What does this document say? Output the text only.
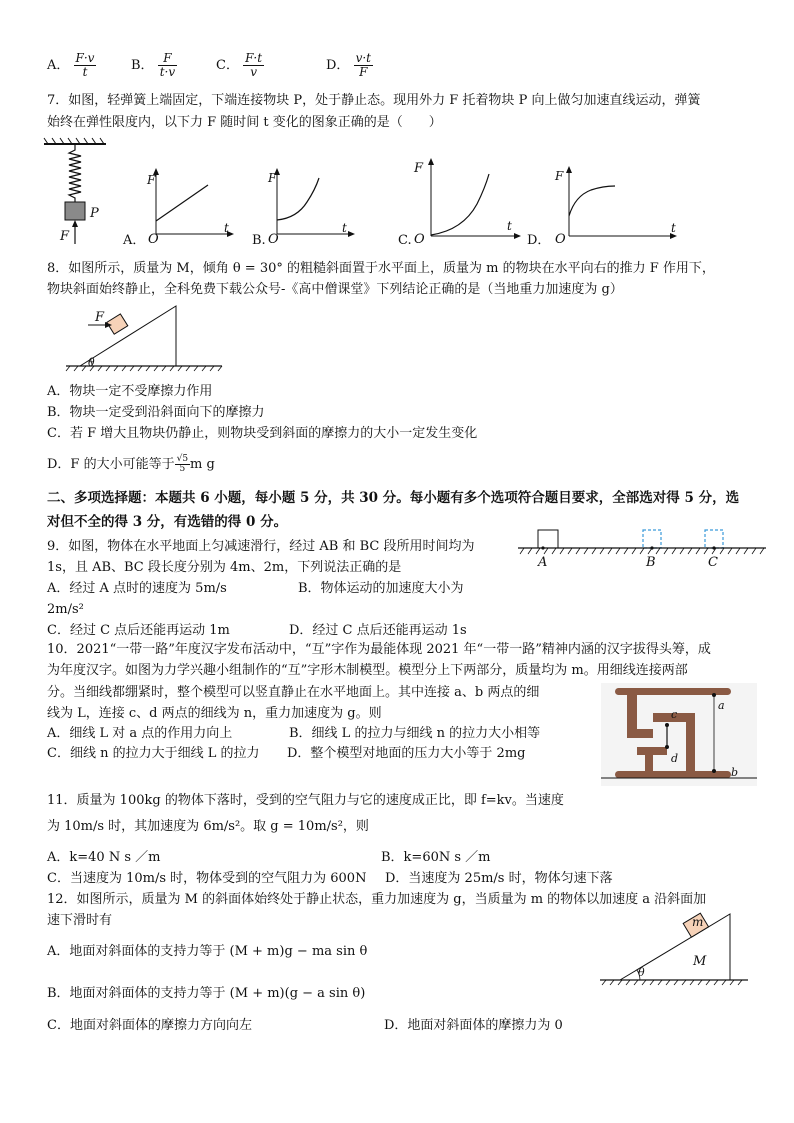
A． $\frac{F\cdot v}{t}$	B． $\frac{F}{t\cdot v}$	C． $\frac{F\cdot t}{v}$	D． $\frac{v\cdot t}{F}$
7．如图，轻弹簧上端固定，下端连接物块 P，处于静止态。现用外力 F 托着物块 P 向上做匀加速直线运动，弹簧
始终在弹性限度内，以下力 F 随时间 t 变化的图象正确的是（　　）
P
F
F
t
A． O
F
t
B. O
F
t
C. O
F
t
D． O
8．如图所示，质量为 M，倾角 θ = 30° 的粗糙斜面置于水平面上，质量为 m 的物块在水平向右的推力 F 作用下，
物块斜面始终静止，全科免费下载公众号-《高中僧课堂》下列结论正确的是（当地重力加速度为 g）
F
θ
A．物块一定不受摩擦力作用
B．物块一定受到沿斜面向下的摩擦力
C．若 F 增大且物块仍静止，则物块受到斜面的摩擦力的大小一定发生变化
D．F 的大小可能等于 $\frac{√5}{5}$ m g
二、多项选择题：本题共 6 小题，每小题 5 分，共 30 分。每小题有多个选项符合题目要求，全部选对得 5 分，选
对但不全的得 3 分，有选错的得 0 分。
9．如图，物体在水平地面上匀减速滑行，经过 AB 和 BC 段所用时间均为
1s，且 AB、BC 段长度分别为 4m、2m，下列说法正确的是
A．经过 A 点时的速度为 5m/s	B．物体运动的加速度大小为
2m/s²
C．经过 C 点后还能再运动 1m	D．经过 C 点后还能再运动 1s
A	B	C
10．2021“一带一路”年度汉字发布活动中，“互”字作为最能体现 2021 年“一带一路”精神内涵的汉字拔得头筹，成
为年度汉字。如图为力学兴趣小组制作的“互”字形木制模型。模型分上下两部分，质量均为 m。用细线连接两部
分。当细线都绷紧时，整个模型可以竖直静止在水平地面上。其中连接 a、b 两点的细
线为 L，连接 c、d 两点的细线为 n，重力加速度为 g。则
A．细线 L 对 a 点的作用力向上	B．细线 L 的拉力与细线 n 的拉力大小相等
C．细线 n 的拉力大于细线 L 的拉力 D．整个模型对地面的压力大小等于 2mg
a
b
c
d
11．质量为 100kg 的物体下落时，受到的空气阻力与它的速度成正比，即 f=kv。当速度
为 10m/s 时，其加速度为 6m/s²。取 g = 10m/s²，则
A．k=40 N s ／m	B．k=60N s ／m
C．当速度为 10m/s 时，物体受到的空气阻力为 600N D．当速度为 25m/s 时，物体匀速下落
12．如图所示，质量为 M 的斜面体始终处于静止状态，重力加速度为 g，当质量为 m 的物体以加速度 a 沿斜面加
速下滑时有
A．地面对斜面体的支持力等于 (M + m)g − ma sin θ
B．地面对斜面体的支持力等于 (M + m)(g − a sin θ)
C．地面对斜面体的摩擦力方向向左	D．地面对斜面体的摩擦力为 0
m
M
θ
